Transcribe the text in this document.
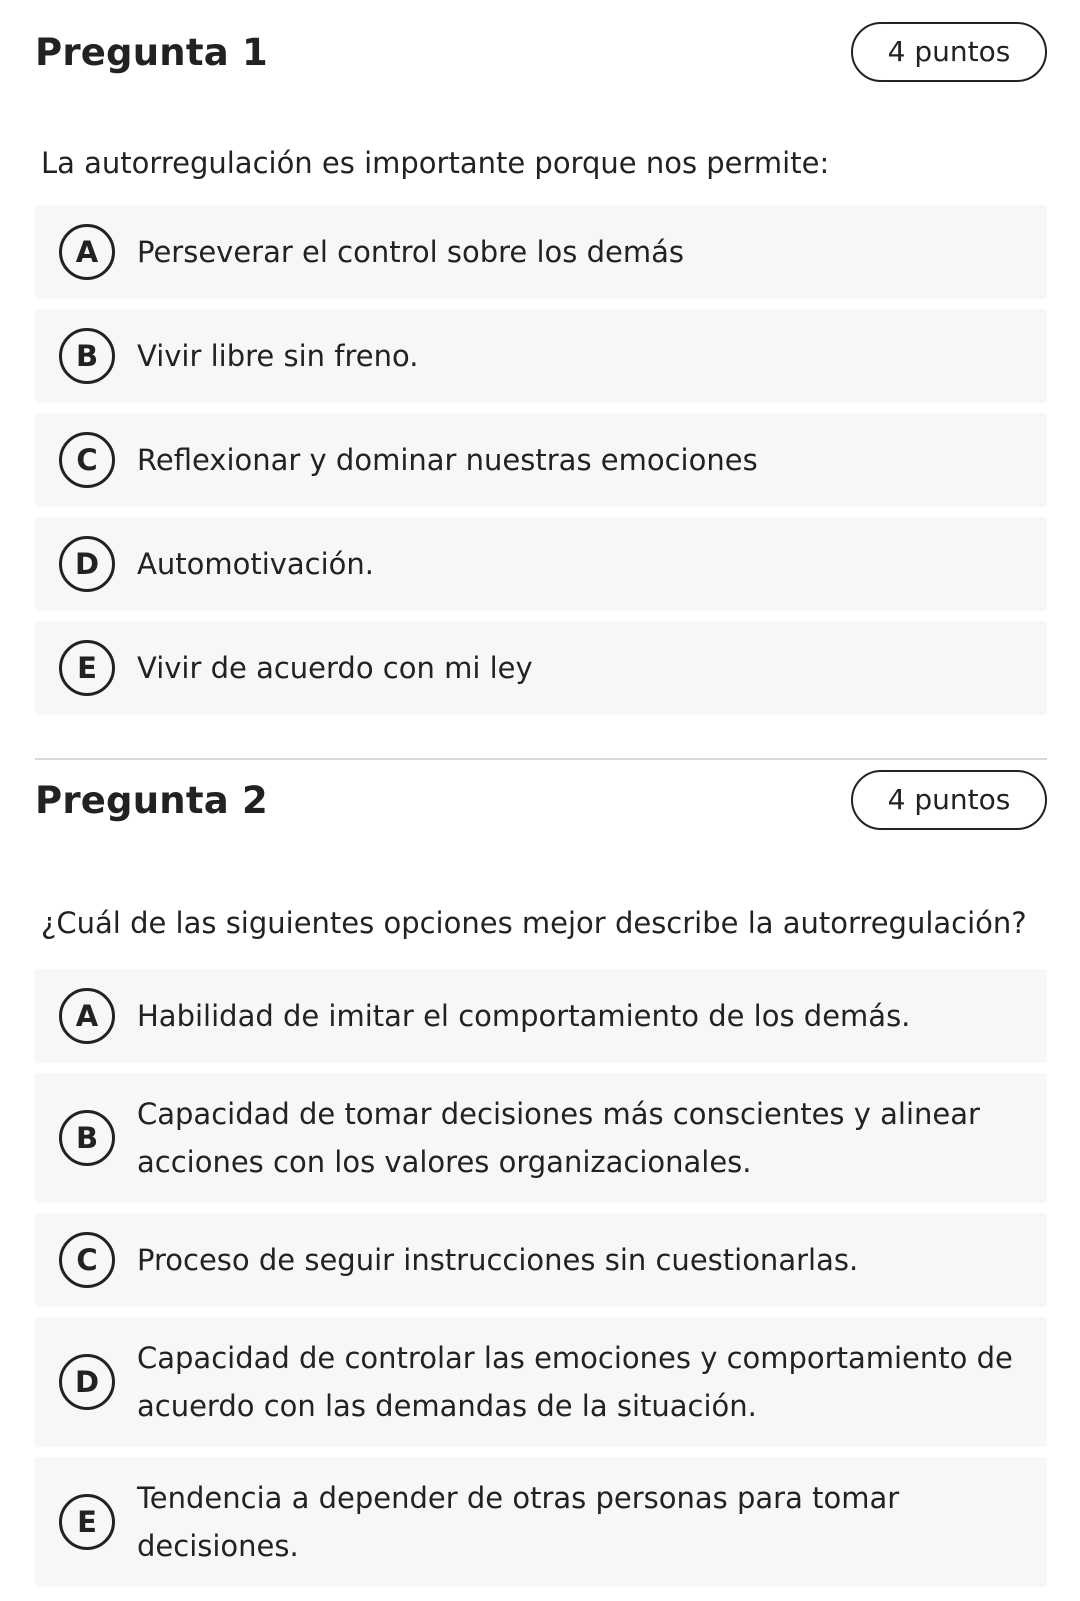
Pregunta 1	4 puntos

La autorregulación es importante porque nos permite:

A	Perseverar el control sobre los demás
B	Vivir libre sin freno.
C	Reflexionar y dominar nuestras emociones
D	Automotivación.
E	Vivir de acuerdo con mi ley
Pregunta 2	4 puntos

¿Cuál de las siguientes opciones mejor describe la autorregulación?

A	Habilidad de imitar el comportamiento de los demás.
B
Capacidad de tomar decisiones más conscientes y alinear acciones con los valores organizacionales.
C	Proceso de seguir instrucciones sin cuestionarlas.
D
Capacidad de controlar las emociones y comportamiento de acuerdo con las demandas de la situación.
E
Tendencia a depender de otras personas para tomar decisiones.
